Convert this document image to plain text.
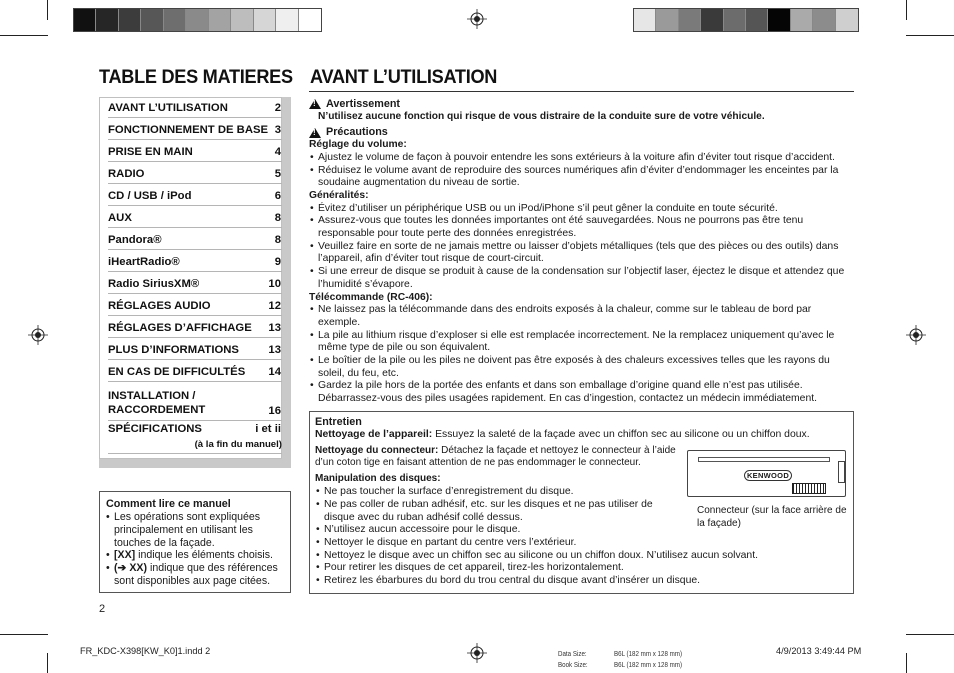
TABLE DES MATIERES AVANT L’UTILISATION
AVANT L’UTILISATION	2
FONCTIONNEMENT DE BASE 3
PRISE EN MAIN	4
RADIO	5
CD / USB / iPod	6
AUX	8
Pandora®	8
iHeartRadio®	9
Radio SiriusXM®	10
RÉGLAGES AUDIO	12
RÉGLAGES D’AFFICHAGE 13
PLUS D’INFORMATIONS	13
EN CAS DE DIFFICULTÉS 14
INSTALLATION /
RACCORDEMENT	16
SPÉCIFICATIONS	i et ii
(à la fin du manuel)
Comment lire ce manuel
• Les opérations sont expliquées principalement en utilisant les touches de la façade.
• [XX] indique les éléments choisis.
• (➔ XX) indique que des références sont disponibles aux page citées.
2
!
Avertissement
N’utilisez aucune fonction qui risque de vous distraire de la conduite sure de votre véhicule.
!
Précautions
Réglage du volume:
• Ajustez le volume de façon à pouvoir entendre les sons extérieurs à la voiture afin d’éviter tout risque d’accident.
• Réduisez le volume avant de reproduire des sources numériques afin d’éviter d’endommager les enceintes par la soudaine augmentation du niveau de sortie.
Généralités:
• Évitez d’utiliser un périphérique USB ou un iPod/iPhone s’il peut gêner la conduite en toute sécurité.
• Assurez-vous que toutes les données importantes ont été sauvegardées. Nous ne pourrons pas être tenu responsable pour toute perte des données enregistrées.
• Veuillez faire en sorte de ne jamais mettre ou laisser d’objets métalliques (tels que des pièces ou des outils) dans l’appareil, afin d’éviter tout risque de court-circuit.
• Si une erreur de disque se produit à cause de la condensation sur l’objectif laser, éjectez le disque et attendez que l’humidité s’évapore.
Télécommande (RC-406):
• Ne laissez pas la télécommande dans des endroits exposés à la chaleur, comme sur le tableau de bord par exemple.
• La pile au lithium risque d’exploser si elle est remplacée incorrectement. Ne la remplacez uniquement qu’avec le même type de pile ou son équivalent.
• Le boîtier de la pile ou les piles ne doivent pas être exposés à des chaleurs excessives telles que les rayons du soleil, du feu, etc.
• Gardez la pile hors de la portée des enfants et dans son emballage d’origine quand elle n’est pas utilisée. Débarrassez-vous des piles usagées rapidement. En cas d’ingestion, contactez un médecin immédiatement.
Entretien
Nettoyage de l’appareil: Essuyez la saleté de la façade avec un chiffon sec au silicone ou un chiffon doux.
Nettoyage du connecteur: Détachez la façade et nettoyez le connecteur à l’aide d’un coton tige en faisant attention de ne pas endommager le connecteur.
Manipulation des disques:
• Ne pas toucher la surface d’enregistrement du disque.
• Ne pas coller de ruban adhésif, etc. sur les disques et ne pas utiliser de disque avec du ruban adhésif collé dessus.
• N’utilisez aucun accessoire pour le disque.
• Nettoyer le disque en partant du centre vers l’extérieur.
• Nettoyez le disque avec un chiffon sec au silicone ou un chiffon doux. N’utilisez aucun solvant.
• Pour retirer les disques de cet appareil, tirez-les horizontalement.
• Retirez les ébarbures du bord du trou central du disque avant d’insérer un disque.
KENWOOD
Connecteur (sur la face arrière de la façade)
FR_KDC-X398[KW_K0]1.indd 2	Data Size:	B6L (182 mm x 128 mm)
Book Size:	B6L (182 mm x 128 mm)
4/9/2013 3:49:44 PM
